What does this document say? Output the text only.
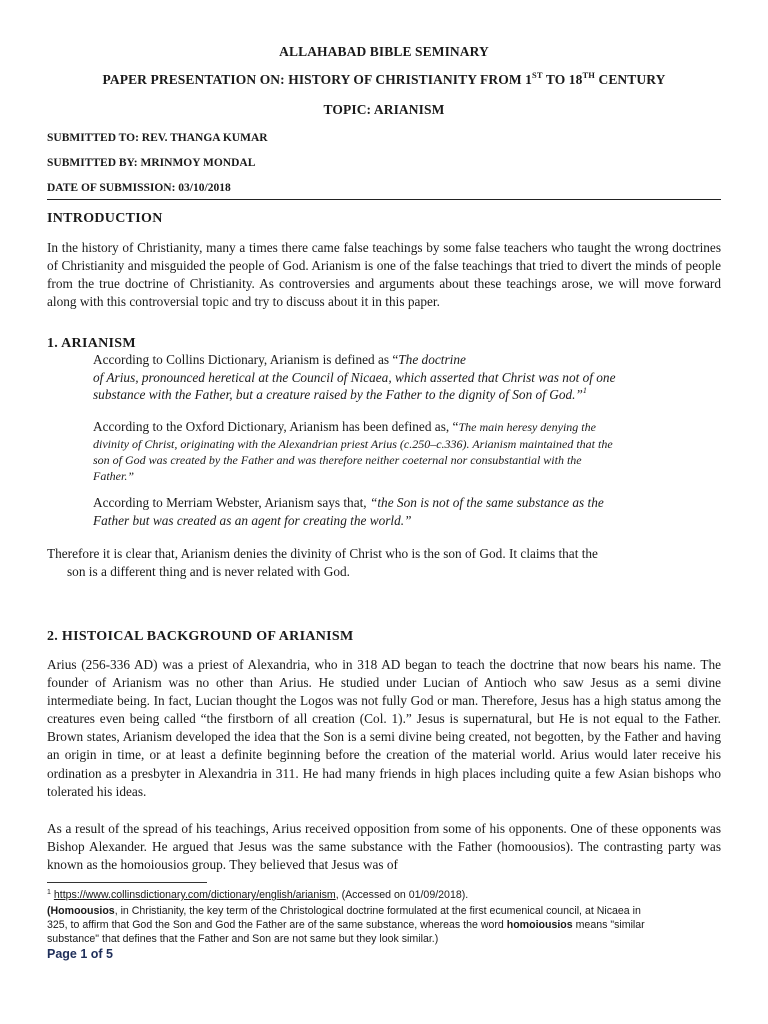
ALLAHABAD BIBLE SEMINARY
PAPER PRESENTATION ON: HISTORY OF CHRISTIANITY FROM 1ST TO 18TH CENTURY
TOPIC: ARIANISM
SUBMITTED TO: REV. THANGA KUMAR
SUBMITTED BY: MRINMOY MONDAL
DATE OF SUBMISSION: 03/10/2018
INTRODUCTION
In the history of Christianity, many a times there came false teachings by some false teachers who taught the wrong doctrines of Christianity and misguided the people of God. Arianism is one of the false teachings that tried to divert the minds of people from the true doctrine of Christianity. As controversies and arguments about these teachings arose, we will move forward along with this controversial topic and try to discuss about it in this paper.
1. ARIANISM
According to Collins Dictionary, Arianism is defined as “The doctrine
of Arius, pronounced heretical at the Council of Nicaea, which asserted that Christ was not of one
substance with the Father, but a creature raised by the Father to the dignity of Son of God.”$^1$
According to the Oxford Dictionary, Arianism has been defined as, “The main heresy denying the
divinity of Christ, originating with the Alexandrian priest Arius (c.250–c.336). Arianism maintained that the
son of God was created by the Father and was therefore neither coeternal nor consubstantial with the
Father.”
According to Merriam Webster, Arianism says that, “the Son is not of the same substance as the
Father but was created as an agent for creating the world.”
Therefore it is clear that, Arianism denies the divinity of Christ who is the son of God. It claims that the
son is a different thing and is never related with God.
2. HISTOICAL BACKGROUND OF ARIANISM
Arius (256-336 AD) was a priest of Alexandria, who in 318 AD began to teach the doctrine that now bears his name. The founder of Arianism was no other than Arius. He studied under Lucian of Antioch who saw Jesus as a semi divine intermediate being. In fact, Lucian thought the Logos was not fully God or man. Therefore, Jesus has a high status among the creatures even being called “the firstborn of all creation (Col. 1).” Jesus is supernatural, but He is not equal to the Father. Brown states, Arianism developed the idea that the Son is a semi divine being created, not begotten, by the Father and having an origin in time, or at least a definite beginning before the creation of the material world. Arius would later receive his ordination as a presbyter in Alexandria in 311. He had many friends in high places including quite a few Asian bishops who tolerated his ideas.
As a result of the spread of his teachings, Arius received opposition from some of his opponents. One of these opponents was Bishop Alexander. He argued that Jesus was the same substance with the Father (homoousios). The contrasting party was known as the homoiousios group. They believed that Jesus was of
$^1$ https://www.collinsdictionary.com/dictionary/english/arianism, (Accessed on 01/09/2018).
(Homoousios, in Christianity, the key term of the Christological doctrine formulated at the first ecumenical council, at Nicaea in
325, to affirm that God the Son and God the Father are of the same substance, whereas the word homoiousios means "similar
substance" that defines that the Father and Son are not same but they look similar.)
Page 1 of 5
